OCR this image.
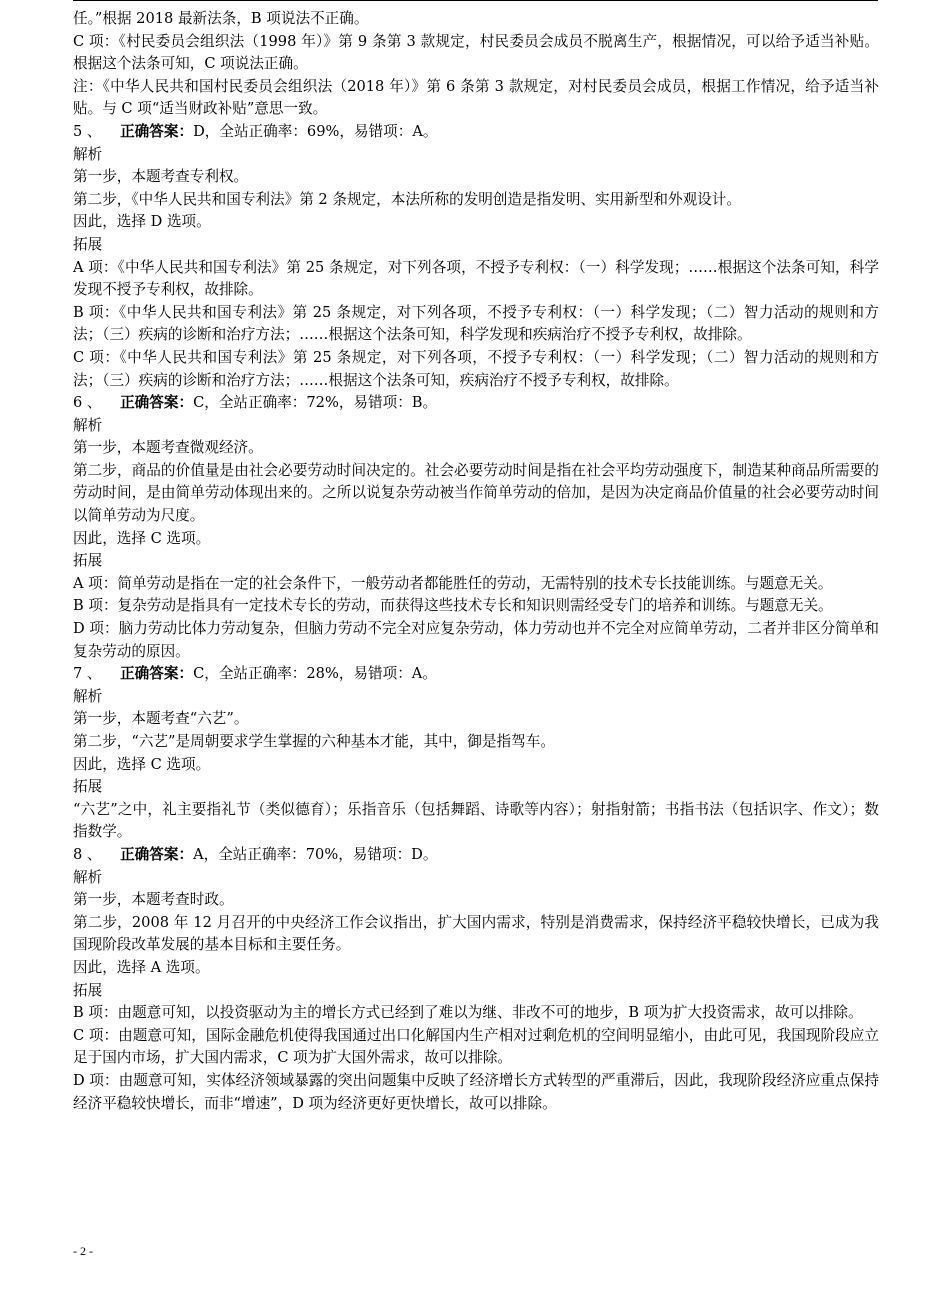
任。”根据 2018 最新法条，B 项说法不正确。

C 项：《村民委员会组织法（1998 年）》第 9 条第 3 款规定，村民委员会成员不脱离生产，根据情况，可以给予适当补贴。根据这个法条可知，C 项说法正确。

注：《中华人民共和国村民委员会组织法（2018 年）》第 6 条第 3 款规定，对村民委员会成员，根据工作情况，给予适当补贴。与 C 项“适当财政补贴”意思一致。

5 、    正确答案：D，全站正确率：69%，易错项：A。

解析

第一步，本题考查专利权。

第二步，《中华人民共和国专利法》第 2 条规定，本法所称的发明创造是指发明、实用新型和外观设计。

因此，选择 D 选项。

拓展

A 项：《中华人民共和国专利法》第 25 条规定，对下列各项，不授予专利权：（一）科学发现；……根据这个法条可知，科学发现不授予专利权，故排除。

B 项：《中华人民共和国专利法》第 25 条规定，对下列各项，不授予专利权：（一）科学发现；（二）智力活动的规则和方法；（三）疾病的诊断和治疗方法；……根据这个法条可知，科学发现和疾病治疗不授予专利权，故排除。

C 项：《中华人民共和国专利法》第 25 条规定，对下列各项，不授予专利权：（一）科学发现；（二）智力活动的规则和方法；（三）疾病的诊断和治疗方法；……根据这个法条可知，疾病治疗不授予专利权，故排除。

6 、    正确答案：C，全站正确率：72%，易错项：B。

解析

第一步，本题考查微观经济。

第二步，商品的价值量是由社会必要劳动时间决定的。社会必要劳动时间是指在社会平均劳动强度下，制造某种商品所需要的劳动时间，是由简单劳动体现出来的。之所以说复杂劳动被当作简单劳动的倍加，是因为决定商品价值量的社会必要劳动时间以简单劳动为尺度。

因此，选择 C 选项。

拓展

A 项：简单劳动是指在一定的社会条件下，一般劳动者都能胜任的劳动，无需特别的技术专长技能训练。与题意无关。

B 项：复杂劳动是指具有一定技术专长的劳动，而获得这些技术专长和知识则需经受专门的培养和训练。与题意无关。

D 项：脑力劳动比体力劳动复杂，但脑力劳动不完全对应复杂劳动，体力劳动也并不完全对应简单劳动，二者并非区分简单和复杂劳动的原因。

7 、    正确答案：C，全站正确率：28%，易错项：A。

解析

第一步，本题考查“六艺”。

第二步，“六艺”是周朝要求学生掌握的六种基本才能，其中，御是指驾车。

因此，选择 C 选项。

拓展

“六艺”之中，礼主要指礼节（类似德育）；乐指音乐（包括舞蹈、诗歌等内容）；射指射箭；书指书法（包括识字、作文）；数指数学。

8 、    正确答案：A，全站正确率：70%，易错项：D。

解析

第一步，本题考查时政。

第二步，2008 年 12 月召开的中央经济工作会议指出，扩大国内需求，特别是消费需求，保持经济平稳较快增长，已成为我国现阶段改革发展的基本目标和主要任务。

因此，选择 A 选项。

拓展

B 项：由题意可知，以投资驱动为主的增长方式已经到了难以为继、非改不可的地步，B 项为扩大投资需求，故可以排除。

C 项：由题意可知，国际金融危机使得我国通过出口化解国内生产相对过剩危机的空间明显缩小，由此可见，我国现阶段应立足于国内市场，扩大国内需求，C 项为扩大国外需求，故可以排除。

D 项：由题意可知，实体经济领域暴露的突出问题集中反映了经济增长方式转型的严重滞后，因此，我现阶段经济应重点保持经济平稳较快增长，而非“增速”，D 项为经济更好更快增长，故可以排除。

- 2 -
